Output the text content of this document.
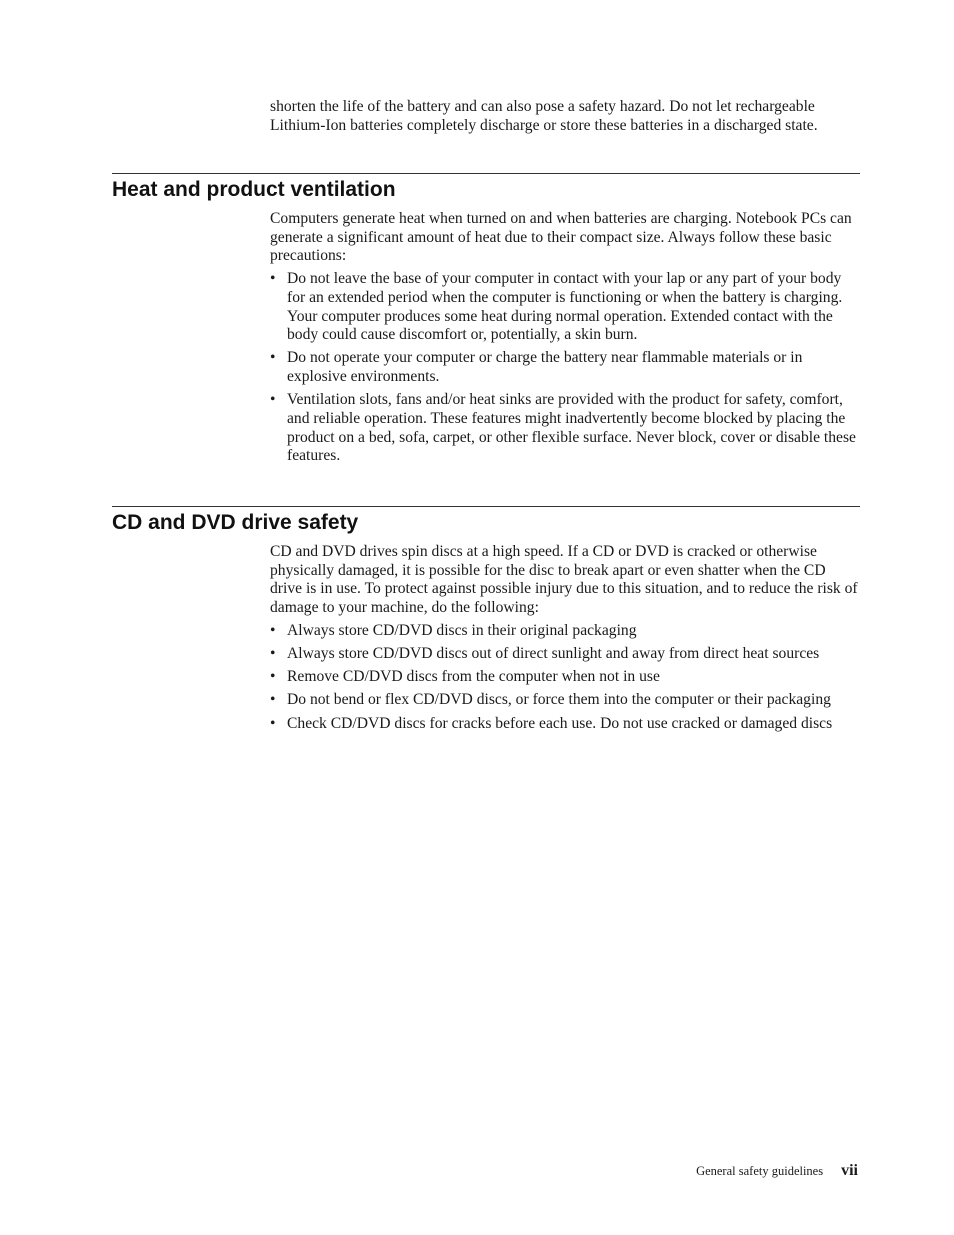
shorten the life of the battery and can also pose a safety hazard. Do not let rechargeable Lithium-Ion batteries completely discharge or store these batteries in a discharged state.

Heat and product ventilation

Computers generate heat when turned on and when batteries are charging. Notebook PCs can generate a significant amount of heat due to their compact size. Always follow these basic precautions:

• Do not leave the base of your computer in contact with your lap or any part of your body for an extended period when the computer is functioning or when the battery is charging. Your computer produces some heat during normal operation. Extended contact with the body could cause discomfort or, potentially, a skin burn.
• Do not operate your computer or charge the battery near flammable materials or in explosive environments.
• Ventilation slots, fans and/or heat sinks are provided with the product for safety, comfort, and reliable operation. These features might inadvertently become blocked by placing the product on a bed, sofa, carpet, or other flexible surface. Never block, cover or disable these features.
CD and DVD drive safety

CD and DVD drives spin discs at a high speed. If a CD or DVD is cracked or otherwise physically damaged, it is possible for the disc to break apart or even shatter when the CD drive is in use. To protect against possible injury due to this situation, and to reduce the risk of damage to your machine, do the following:

• Always store CD/DVD discs in their original packaging
• Always store CD/DVD discs out of direct sunlight and away from direct heat sources
• Remove CD/DVD discs from the computer when not in use
• Do not bend or flex CD/DVD discs, or force them into the computer or their packaging
• Check CD/DVD discs for cracks before each use. Do not use cracked or damaged discs
General safety guidelines vii
